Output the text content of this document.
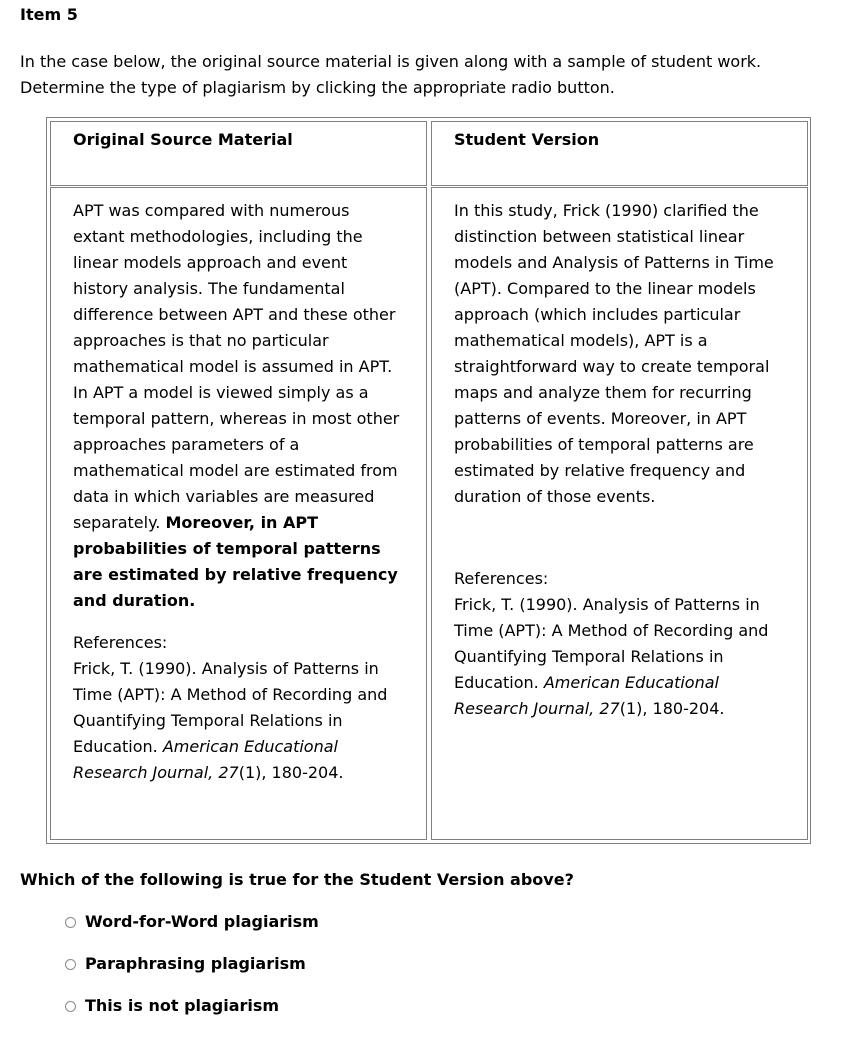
Item 5
In the case below, the original source material is given along with a sample of student work.
Determine the type of plagiarism by clicking the appropriate radio button.
Original Source Material	Student Version

APT was compared with numerous extant methodologies, including the linear models approach and event history analysis. The fundamental difference between APT and these other approaches is that no particular mathematical model is assumed in APT. In APT a model is viewed simply as a temporal pattern, whereas in most other approaches parameters of a mathematical model are estimated from data in which variables are measured separately. Moreover, in APT probabilities of temporal patterns are estimated by relative frequency and duration.

References:
Frick, T. (1990). Analysis of Patterns in Time (APT): A Method of Recording and Quantifying Temporal Relations in Education. American Educational Research Journal, 27(1), 180-204.

In this study, Frick (1990) clarified the distinction between statistical linear models and Analysis of Patterns in Time (APT). Compared to the linear models approach (which includes particular mathematical models), APT is a straightforward way to create temporal maps and analyze them for recurring patterns of events. Moreover, in APT probabilities of temporal patterns are estimated by relative frequency and duration of those events.

References:
Frick, T. (1990). Analysis of Patterns in Time (APT): A Method of Recording and Quantifying Temporal Relations in Education. American Educational Research Journal, 27(1), 180-204.
Which of the following is true for the Student Version above?
Word-for-Word plagiarism
Paraphrasing plagiarism
This is not plagiarism
